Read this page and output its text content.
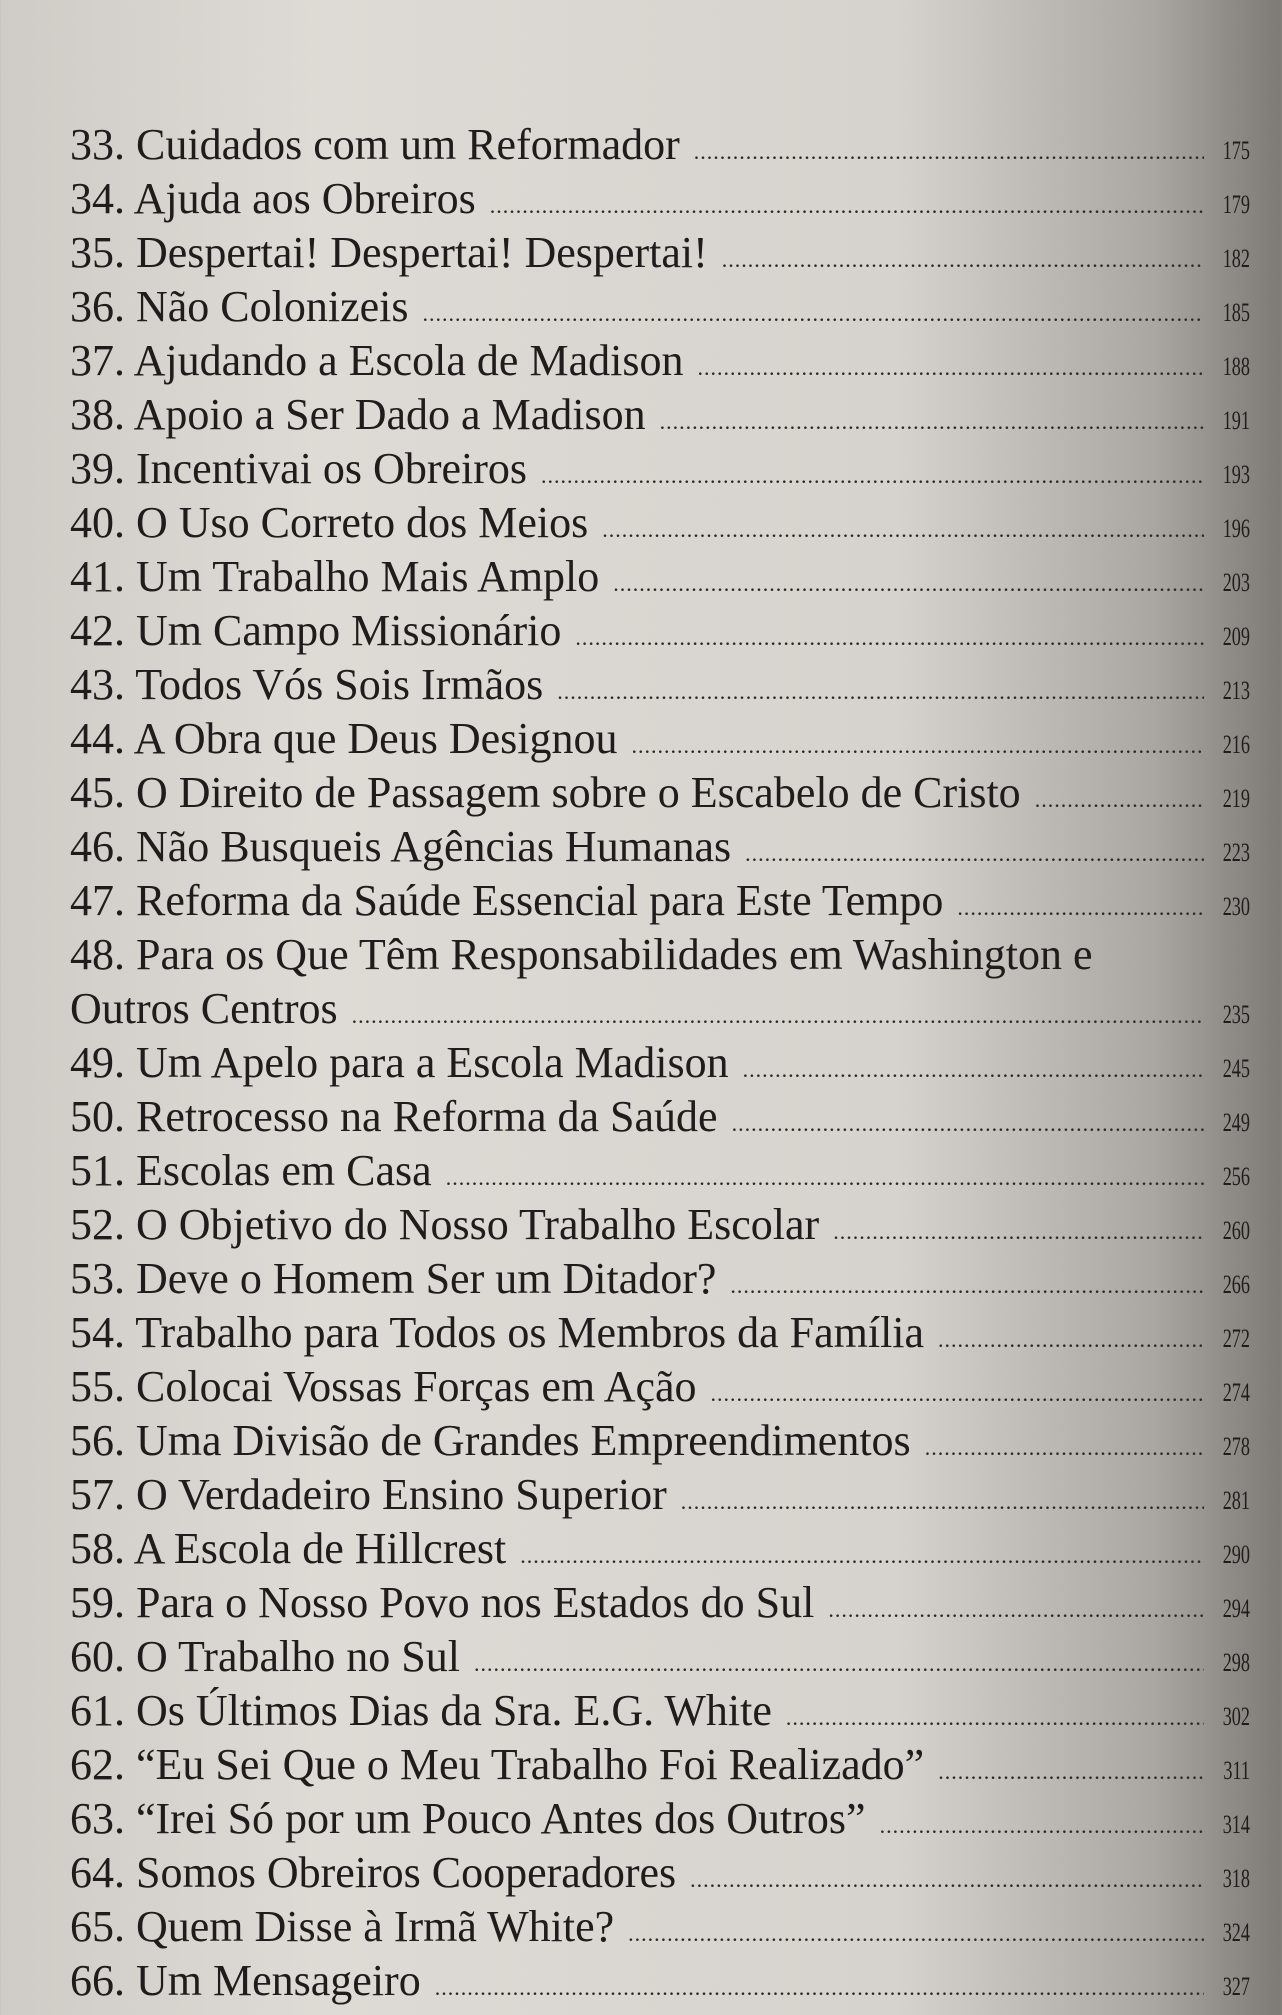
33. Cuidados com um Reformador .....	175
34. Ajuda aos Obreiros .....	179
35. Despertai! Despertai! Despertai! .....	182
36. Não Colonizeis .....	185
37. Ajudando a Escola de Madison .....	188
38. Apoio a Ser Dado a Madison .....	191
39. Incentivai os Obreiros .....	193
40. O Uso Correto dos Meios .....	196
41. Um Trabalho Mais Amplo .....	203
42. Um Campo Missionário .....	209
43. Todos Vós Sois Irmãos .....	213
44. A Obra que Deus Designou .....	216
45. O Direito de Passagem sobre o Escabelo de Cristo .....	219
46. Não Busqueis Agências Humanas .....	223
47. Reforma da Saúde Essencial para Este Tempo .....	230
48. Para os Que Têm Responsabilidades em Washington e
Outros Centros .....	235
49. Um Apelo para a Escola Madison .....	245
50. Retrocesso na Reforma da Saúde .....	249
51. Escolas em Casa .....	256
52. O Objetivo do Nosso Trabalho Escolar .....	260
53. Deve o Homem Ser um Ditador? .....	266
54. Trabalho para Todos os Membros da Família .....	272
55. Colocai Vossas Forças em Ação .....	274
56. Uma Divisão de Grandes Empreendimentos .....	278
57. O Verdadeiro Ensino Superior .....	281
58. A Escola de Hillcrest .....	290
59. Para o Nosso Povo nos Estados do Sul .....	294
60. O Trabalho no Sul .....	298
61. Os Últimos Dias da Sra. E.G. White .....	302
62. “Eu Sei Que o Meu Trabalho Foi Realizado” .....	311
63. “Irei Só por um Pouco Antes dos Outros” .....	314
64. Somos Obreiros Cooperadores .....	318
65. Quem Disse à Irmã White? .....	324
66. Um Mensageiro .....	327
